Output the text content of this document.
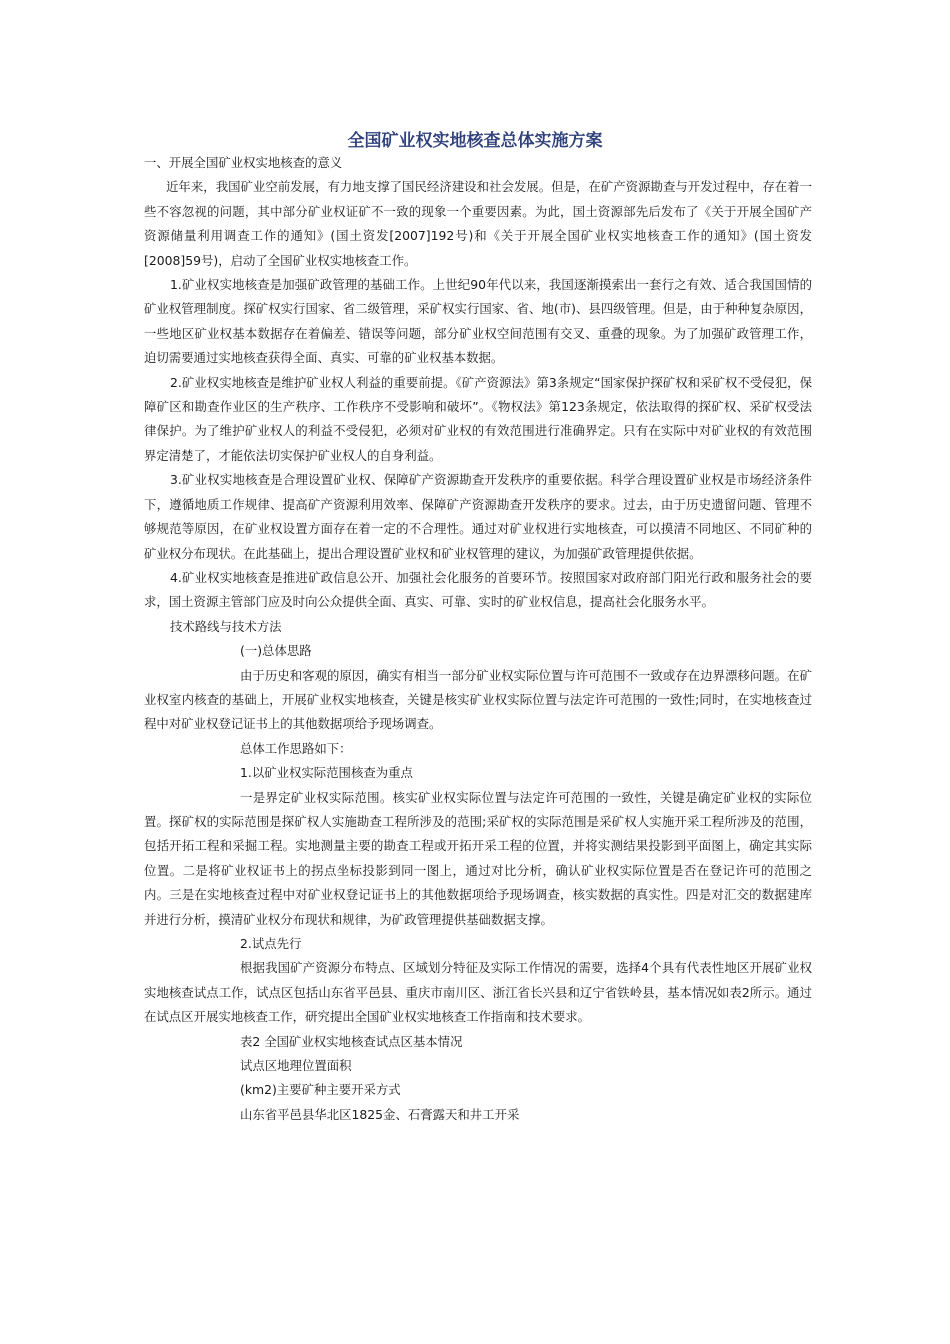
全国矿业权实地核查总体实施方案

一、开展全国矿业权实地核查的意义

近年来，我国矿业空前发展，有力地支撑了国民经济建设和社会发展。但是，在矿产资源勘查与开发过程中，存在着一些不容忽视的问题，其中部分矿业权证矿不一致的现象一个重要因素。为此，国土资源部先后发布了《关于开展全国矿产资源储量利用调查工作的通知》(国土资发[2007]192号)和《关于开展全国矿业权实地核查工作的通知》(国土资发[2008]59号)，启动了全国矿业权实地核查工作。

1.矿业权实地核查是加强矿政管理的基础工作。上世纪90年代以来，我国逐渐摸索出一套行之有效、适合我国国情的矿业权管理制度。探矿权实行国家、省二级管理，采矿权实行国家、省、地(市)、县四级管理。但是，由于种种复杂原因，一些地区矿业权基本数据存在着偏差、错误等问题，部分矿业权空间范围有交叉、重叠的现象。为了加强矿政管理工作，迫切需要通过实地核查获得全面、真实、可靠的矿业权基本数据。

2.矿业权实地核查是维护矿业权人利益的重要前提。《矿产资源法》第3条规定“国家保护探矿权和采矿权不受侵犯，保障矿区和勘查作业区的生产秩序、工作秩序不受影响和破坏”。《物权法》第123条规定，依法取得的探矿权、采矿权受法律保护。为了维护矿业权人的利益不受侵犯，必须对矿业权的有效范围进行准确界定。只有在实际中对矿业权的有效范围界定清楚了，才能依法切实保护矿业权人的自身利益。

3.矿业权实地核查是合理设置矿业权、保障矿产资源勘查开发秩序的重要依据。科学合理设置矿业权是市场经济条件下，遵循地质工作规律、提高矿产资源利用效率、保障矿产资源勘查开发秩序的要求。过去，由于历史遗留问题、管理不够规范等原因，在矿业权设置方面存在着一定的不合理性。通过对矿业权进行实地核查，可以摸清不同地区、不同矿种的矿业权分布现状。在此基础上，提出合理设置矿业权和矿业权管理的建议，为加强矿政管理提供依据。

4.矿业权实地核查是推进矿政信息公开、加强社会化服务的首要环节。按照国家对政府部门阳光行政和服务社会的要求，国土资源主管部门应及时向公众提供全面、真实、可靠、实时的矿业权信息，提高社会化服务水平。

技术路线与技术方法

(一)总体思路

由于历史和客观的原因，确实有相当一部分矿业权实际位置与许可范围不一致或存在边界漂移问题。在矿业权室内核查的基础上，开展矿业权实地核查，关键是核实矿业权实际位置与法定许可范围的一致性;同时，在实地核查过程中对矿业权登记证书上的其他数据项给予现场调查。

总体工作思路如下：

1.以矿业权实际范围核查为重点

一是界定矿业权实际范围。核实矿业权实际位置与法定许可范围的一致性，关键是确定矿业权的实际位置。探矿权的实际范围是探矿权人实施勘查工程所涉及的范围;采矿权的实际范围是采矿权人实施开采工程所涉及的范围，包括开拓工程和采掘工程。实地测量主要的勘查工程或开拓开采工程的位置，并将实测结果投影到平面图上，确定其实际位置。二是将矿业权证书上的拐点坐标投影到同一图上，通过对比分析，确认矿业权实际位置是否在登记许可的范围之内。三是在实地核查过程中对矿业权登记证书上的其他数据项给予现场调查，核实数据的真实性。四是对汇交的数据建库并进行分析，摸清矿业权分布现状和规律，为矿政管理提供基础数据支撑。

2.试点先行

根据我国矿产资源分布特点、区域划分特征及实际工作情况的需要，选择4个具有代表性地区开展矿业权实地核查试点工作，试点区包括山东省平邑县、重庆市南川区、浙江省长兴县和辽宁省铁岭县，基本情况如表2所示。通过在试点区开展实地核查工作，研究提出全国矿业权实地核查工作指南和技术要求。

表2 全国矿业权实地核查试点区基本情况

试点区地理位置面积

(km2)主要矿种主要开采方式

山东省平邑县华北区1825金、石膏露天和井工开采
